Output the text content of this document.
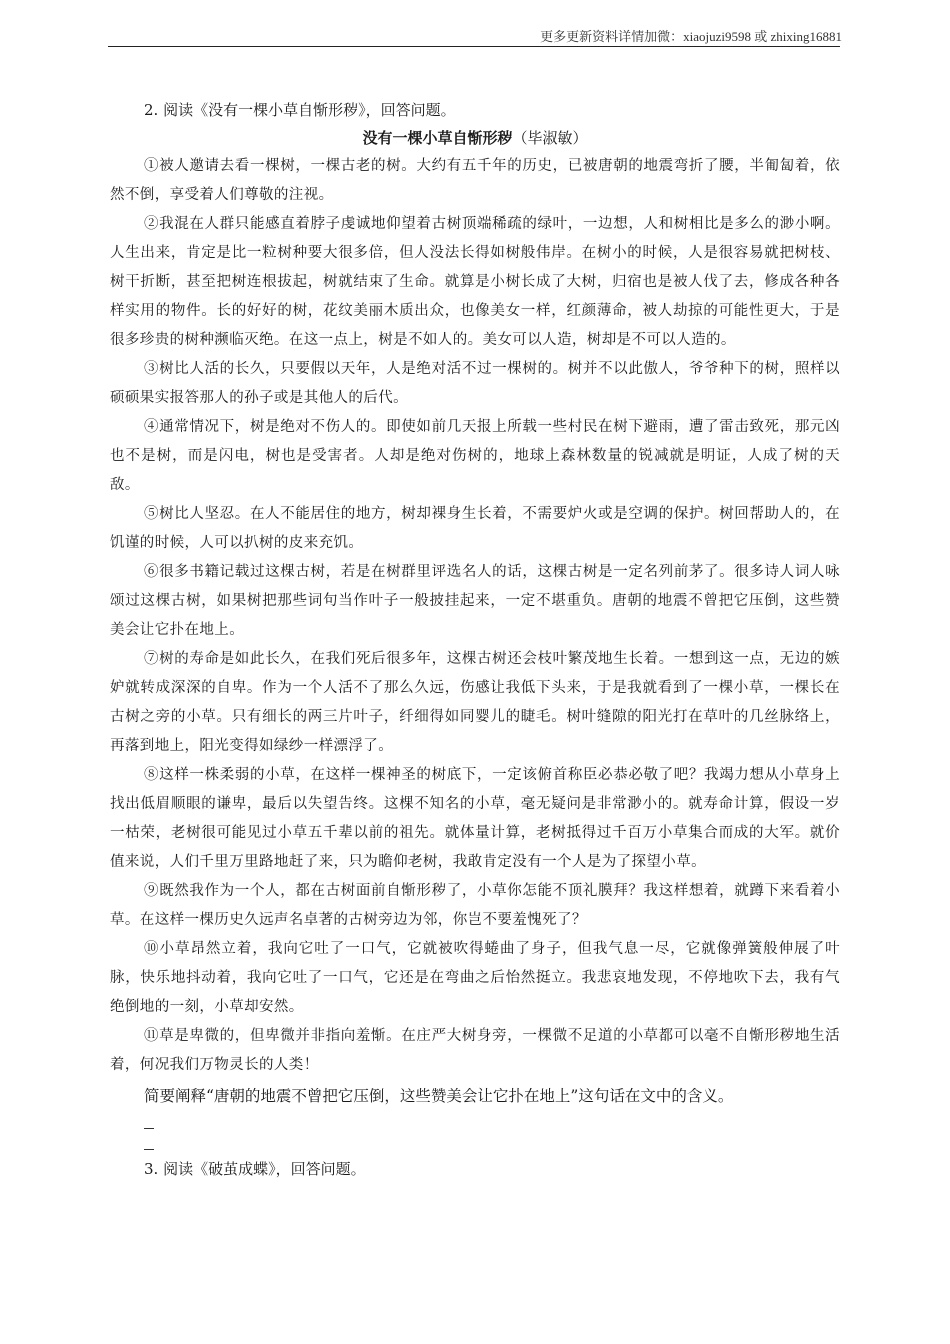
更多更新资料详情加微：xiaojuzi9598 或 zhixing16881

2. 阅读《没有一棵小草自惭形秽》，回答问题。

没有一棵小草自惭形秽（毕淑敏）

①被人邀请去看一棵树，一棵古老的树。大约有五千年的历史，已被唐朝的地震弯折了腰，半匍匐着，依然不倒，享受着人们尊敬的注视。

②我混在人群只能感直着脖子虔诚地仰望着古树顶端稀疏的绿叶，一边想，人和树相比是多么的渺小啊。人生出来，肯定是比一粒树种要大很多倍，但人没法长得如树般伟岸。在树小的时候，人是很容易就把树枝、树干折断，甚至把树连根拔起，树就结束了生命。就算是小树长成了大树，归宿也是被人伐了去，修成各种各样实用的物件。长的好好的树，花纹美丽木质出众，也像美女一样，红颜薄命，被人劫掠的可能性更大，于是很多珍贵的树种濒临灭绝。在这一点上，树是不如人的。美女可以人造，树却是不可以人造的。

③树比人活的长久，只要假以天年，人是绝对活不过一棵树的。树并不以此傲人，爷爷种下的树，照样以硕硕果实报答那人的孙子或是其他人的后代。

④通常情况下，树是绝对不伤人的。即使如前几天报上所载一些村民在树下避雨，遭了雷击致死，那元凶也不是树，而是闪电，树也是受害者。人却是绝对伤树的，地球上森林数量的锐减就是明证，人成了树的天敌。

⑤树比人坚忍。在人不能居住的地方，树却裸身生长着，不需要炉火或是空调的保护。树回帮助人的，在饥谨的时候，人可以扒树的皮来充饥。

⑥很多书籍记载过这棵古树，若是在树群里评选名人的话，这棵古树是一定名列前茅了。很多诗人词人咏颂过这棵古树，如果树把那些词句当作叶子一般披挂起来，一定不堪重负。唐朝的地震不曾把它压倒，这些赞美会让它扑在地上。

⑦树的寿命是如此长久，在我们死后很多年，这棵古树还会枝叶繁茂地生长着。一想到这一点，无边的嫉妒就转成深深的自卑。作为一个人活不了那么久远，伤感让我低下头来，于是我就看到了一棵小草，一棵长在古树之旁的小草。只有细长的两三片叶子，纤细得如同婴儿的睫毛。树叶缝隙的阳光打在草叶的几丝脉络上，再落到地上，阳光变得如绿纱一样漂浮了。

⑧这样一株柔弱的小草，在这样一棵神圣的树底下，一定该俯首称臣必恭必敬了吧？我竭力想从小草身上找出低眉顺眼的谦卑，最后以失望告终。这棵不知名的小草，毫无疑问是非常渺小的。就寿命计算，假设一岁一枯荣，老树很可能见过小草五千辈以前的祖先。就体量计算，老树抵得过千百万小草集合而成的大军。就价值来说，人们千里万里路地赶了来，只为瞻仰老树，我敢肯定没有一个人是为了探望小草。

⑨既然我作为一个人，都在古树面前自惭形秽了，小草你怎能不顶礼膜拜？我这样想着，就蹲下来看着小草。在这样一棵历史久远声名卓著的古树旁边为邻，你岂不要羞愧死了？

⑩小草昂然立着，我向它吐了一口气，它就被吹得蜷曲了身子，但我气息一尽，它就像弹簧般伸展了叶脉，快乐地抖动着，我向它吐了一口气，它还是在弯曲之后怡然挺立。我悲哀地发现，不停地吹下去，我有气绝倒地的一刻，小草却安然。

⑪草是卑微的，但卑微并非指向羞惭。在庄严大树身旁，一棵微不足道的小草都可以毫不自惭形秽地生活着，何况我们万物灵长的人类！

简要阐释“唐朝的地震不曾把它压倒，这些赞美会让它扑在地上”这句话在文中的含义。

3. 阅读《破茧成蝶》，回答问题。
